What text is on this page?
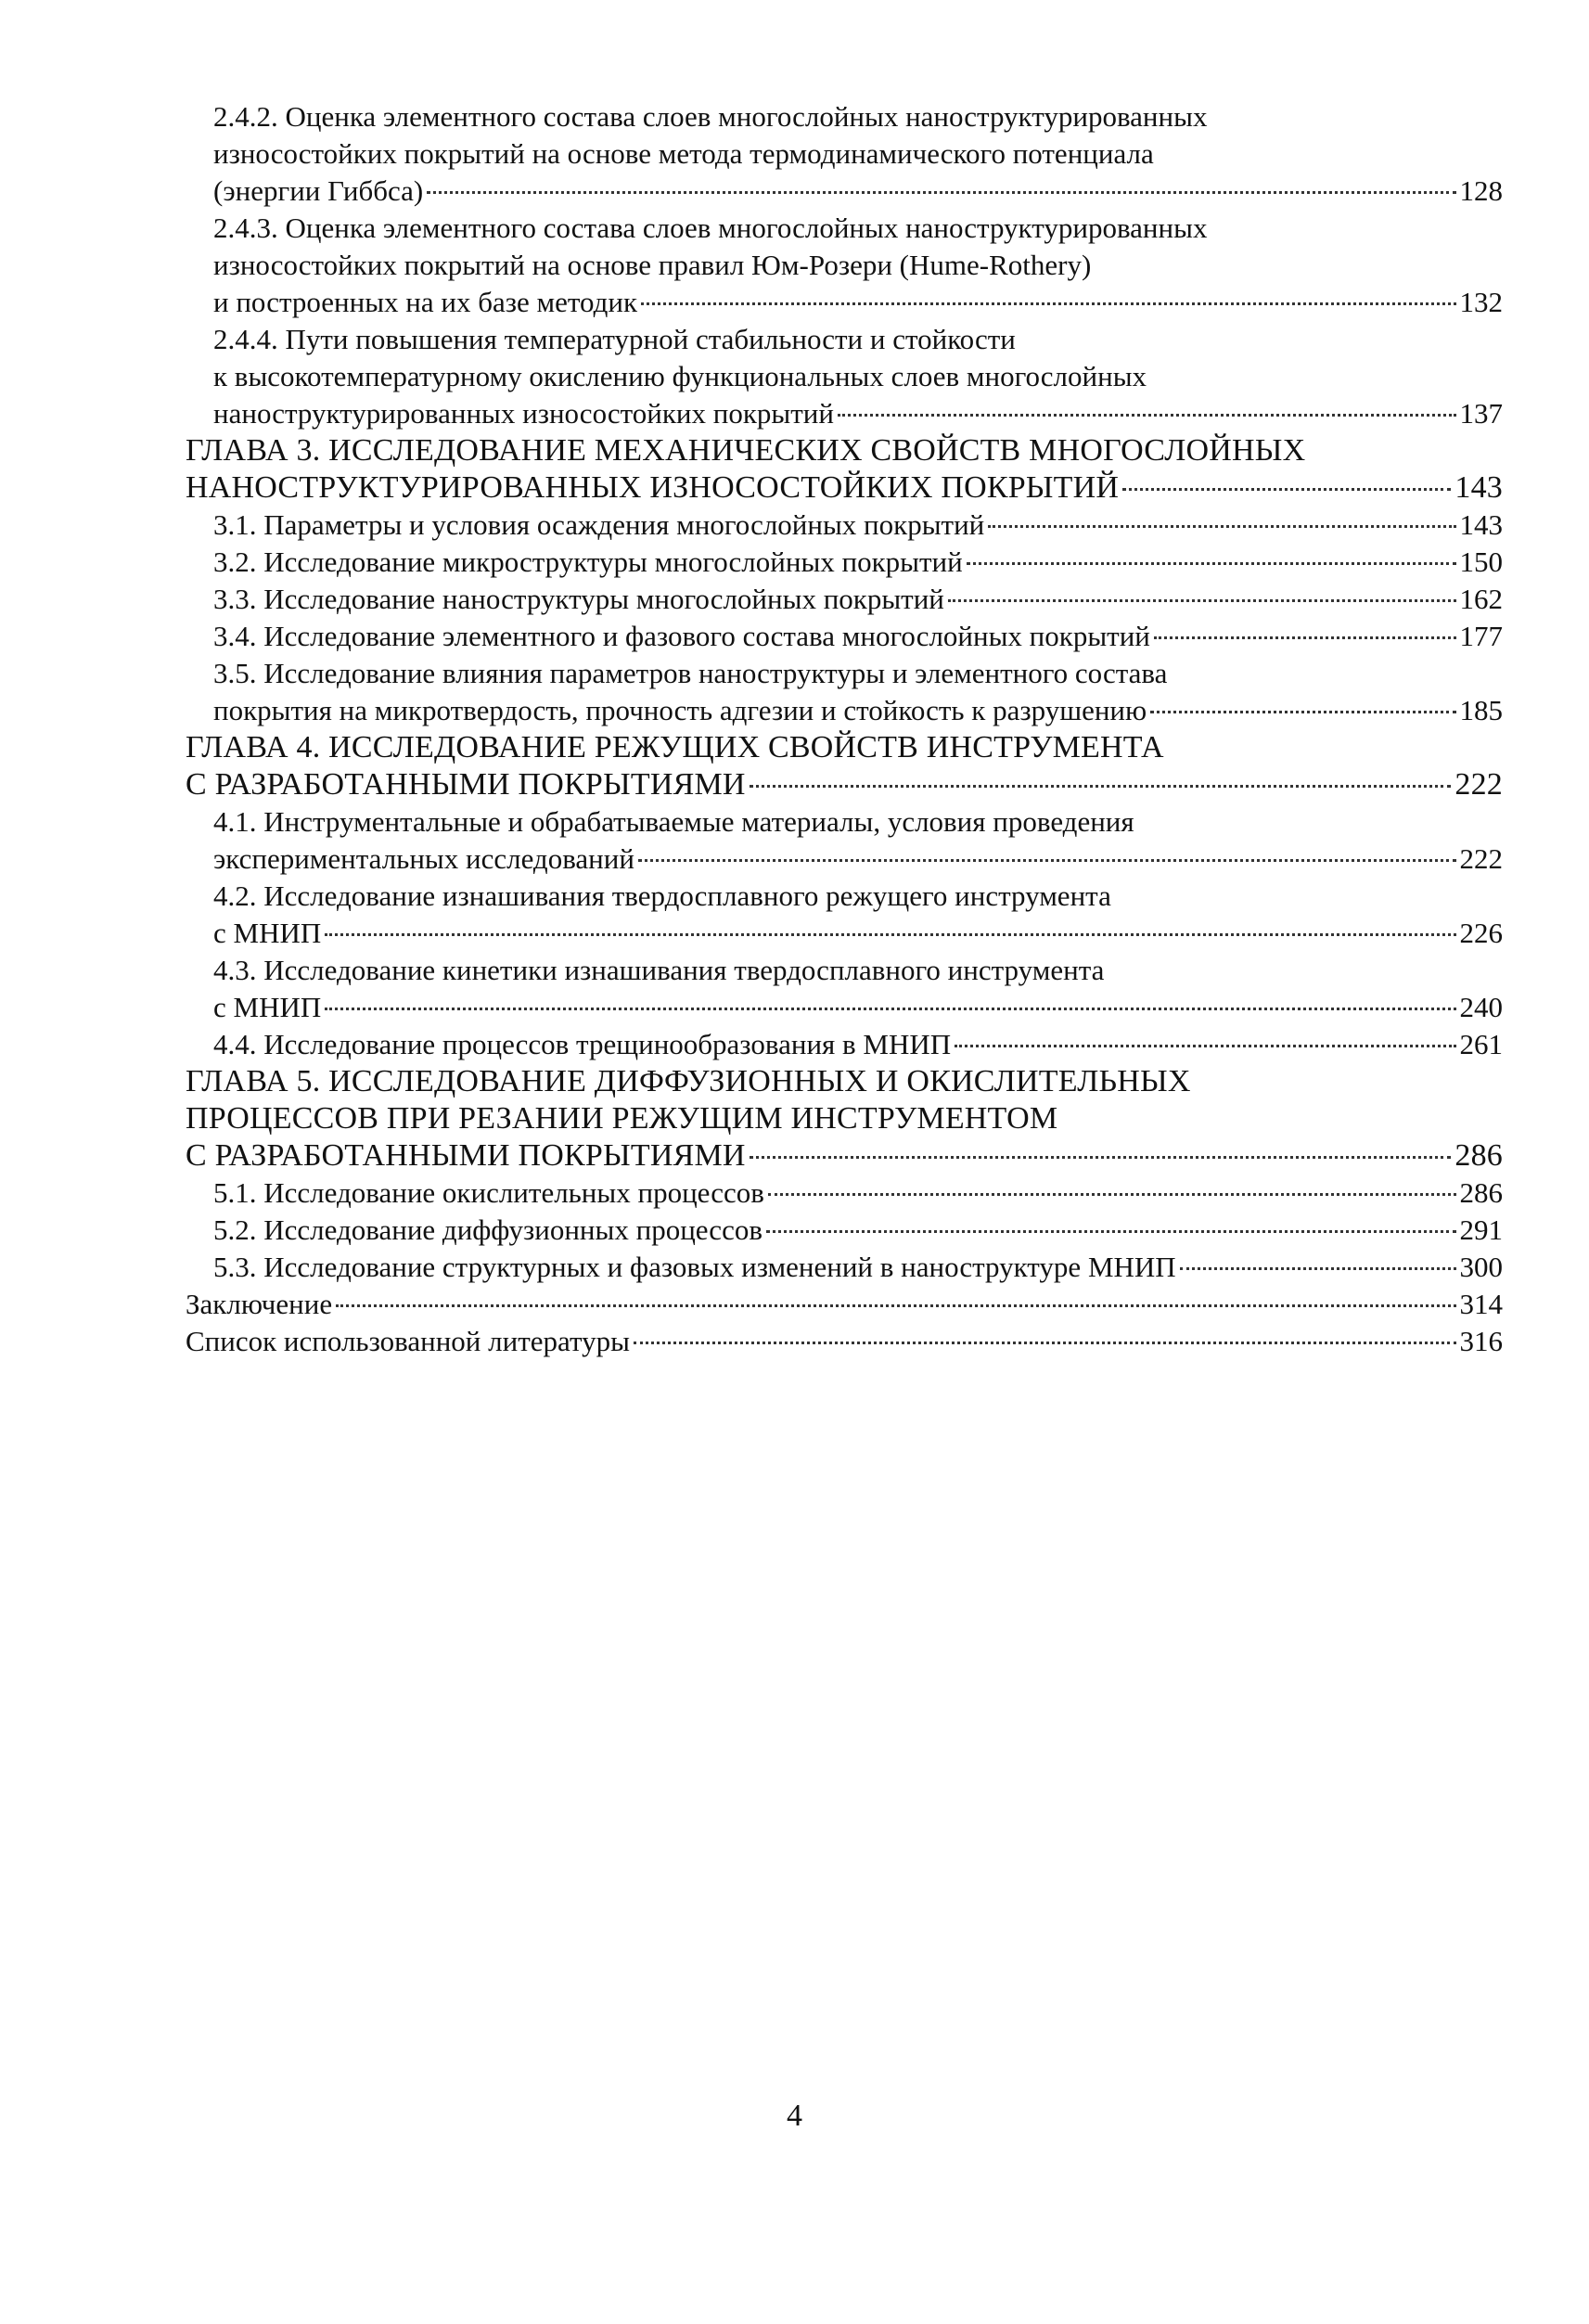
2.4.2. Оценка элементного состава слоев многослойных наноструктурированных
износостойких покрытий на основе метода термодинамического потенциала
(энергии Гиббса)	128
2.4.3. Оценка элементного состава слоев многослойных наноструктурированных
износостойких покрытий на основе правил Юм-Розери (Hume-Rothery)
и построенных на их базе методик	132
2.4.4. Пути повышения температурной стабильности и стойкости
к высокотемпературному окислению функциональных слоев многослойных
наноструктурированных износостойких покрытий	137
ГЛАВА 3. ИССЛЕДОВАНИЕ МЕХАНИЧЕСКИХ СВОЙСТВ МНОГОСЛОЙНЫХ
НАНОСТРУКТУРИРОВАННЫХ ИЗНОСОСТОЙКИХ ПОКРЫТИЙ	143
3.1. Параметры и условия осаждения многослойных покрытий	143
3.2. Исследование микроструктуры многослойных покрытий	150
3.3. Исследование наноструктуры многослойных покрытий	162
3.4. Исследование элементного и фазового состава многослойных покрытий	177
3.5. Исследование влияния параметров наноструктуры и элементного состава
покрытия на микротвердость, прочность адгезии и стойкость к разрушению	185
ГЛАВА 4. ИССЛЕДОВАНИЕ РЕЖУЩИХ СВОЙСТВ ИНСТРУМЕНТА
С РАЗРАБОТАННЫМИ ПОКРЫТИЯМИ	222
4.1. Инструментальные и обрабатываемые материалы, условия проведения
экспериментальных исследований	222
4.2. Исследование изнашивания твердосплавного режущего инструмента
с МНИП	226
4.3. Исследование кинетики изнашивания твердосплавного инструмента
с МНИП	240
4.4. Исследование процессов трещинообразования в МНИП	261
ГЛАВА 5. ИССЛЕДОВАНИЕ ДИФФУЗИОННЫХ И ОКИСЛИТЕЛЬНЫХ
ПРОЦЕССОВ ПРИ РЕЗАНИИ РЕЖУЩИМ ИНСТРУМЕНТОМ
С РАЗРАБОТАННЫМИ ПОКРЫТИЯМИ	286
5.1. Исследование окислительных процессов	286
5.2. Исследование диффузионных процессов	291
5.3. Исследование структурных и фазовых изменений в наноструктуре МНИП	300
Заключение	314
Список использованной литературы	316
4
